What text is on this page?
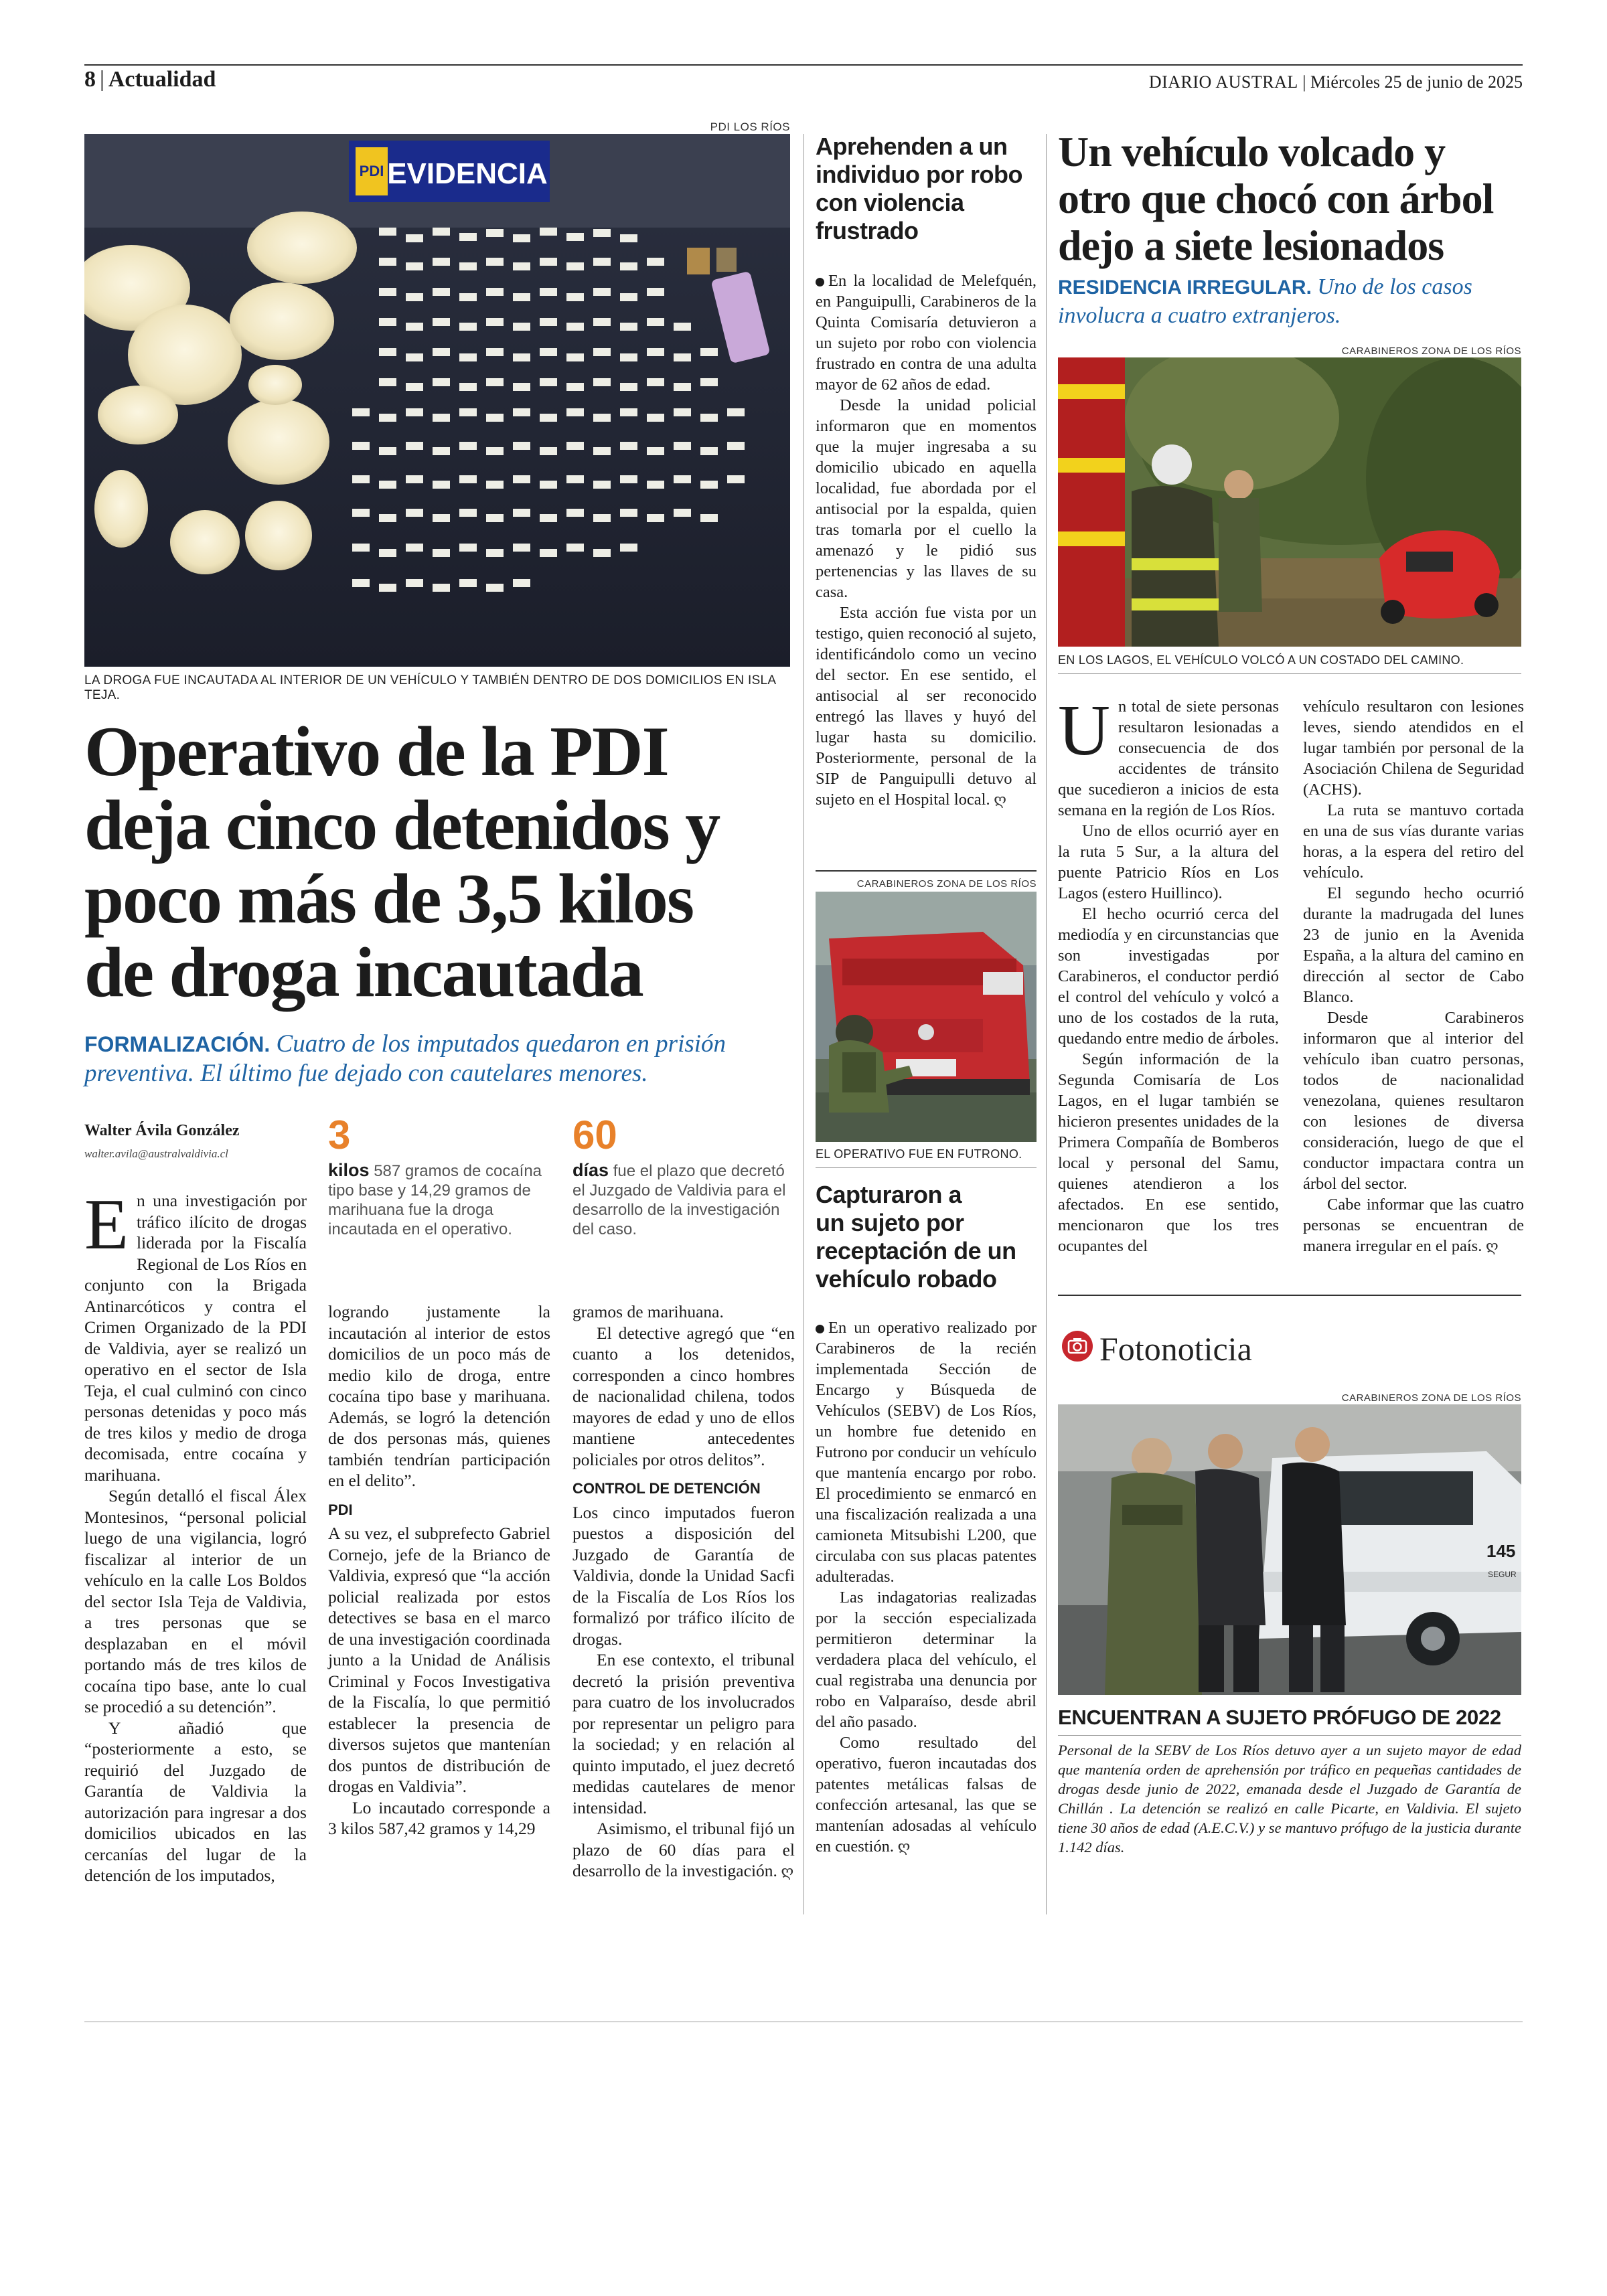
8 | Actualidad	DIARIO AUSTRAL | Miércoles 25 de junio de 2025
PDI LOS RÍOS
PDI EVIDENCIA
LA DROGA FUE INCAUTADA AL INTERIOR DE UN VEHÍCULO Y TAMBIÉN DENTRO DE DOS DOMICILIOS EN ISLA TEJA.
Operativo de la PDI
deja cinco detenidos y
poco más de 3,5 kilos
de droga incautada
FORMALIZACIÓN. Cuatro de los imputados quedaron en prisión
preventiva. El último fue dejado con cautelares menores.
Walter Ávila González
walter.avila@australvaldivia.cl 3
kilos 587 gramos de cocaína tipo base y 14,29 gramos de marihuana fue la droga incautada en el operativo.
60
días fue el plazo que decretó el Juzgado de Valdivia para el desarrollo de la investigación del caso.

En una investigación por tráfico ilícito de drogas liderada por la Fiscalía Regional de Los Ríos en conjunto con la Brigada Antinarcóticos y contra el Crimen Organizado de la PDI de Valdivia, ayer se realizó un operativo en el sector de Isla Teja, el cual culminó con cinco personas detenidas y poco más de tres kilos y medio de droga decomisada, entre cocaína y marihuana.

Según detalló el fiscal Álex Montesinos, “personal policial luego de una vigilancia, logró fiscalizar al interior de un vehículo en la calle Los Boldos del sector Isla Teja de Valdivia, a tres personas que se desplazaban en el móvil portando más de tres kilos de cocaína tipo base, ante lo cual se procedió a su detención”.

Y añadió que “posteriormente a esto, se requirió del Juzgado de Garantía de Valdivia la autorización para ingresar a dos domicilios ubicados en las cercanías del lugar de la detención de los imputados,

logrando justamente la incautación al interior de estos domicilios de un poco más de medio kilo de droga, entre cocaína tipo base y marihuana. Además, se logró la detención de dos personas más, quienes también tendrían participación en el delito”.

PDI

A su vez, el subprefecto Gabriel Cornejo, jefe de la Brianco de Valdivia, expresó que “la acción policial realizada por estos detectives se basa en el marco de una investigación coordinada junto a la Unidad de Análisis Criminal y Focos Investigativa de la Fiscalía, lo que permitió establecer la presencia de diversos sujetos que mantenían dos puntos de distribución de drogas en Valdivia”.

Lo incautado corresponde a 3 kilos 587,42 gramos y 14,29

gramos de marihuana.

El detective agregó que “en cuanto a los detenidos, corresponden a cinco hombres de nacionalidad chilena, todos mayores de edad y uno de ellos mantiene antecedentes policiales por otros delitos”.

CONTROL DE DETENCIÓN

Los cinco imputados fueron puestos a disposición del Juzgado de Garantía de Valdivia, donde la Unidad Sacfi de la Fiscalía de Los Ríos los formalizó por tráfico ilícito de drogas.

En ese contexto, el tribunal decretó la prisión preventiva para cuatro de los involucrados por representar un peligro para la sociedad; y en relación al quinto imputado, el juez decretó medidas cautelares de menor intensidad.

Asimismo, el tribunal fijó un plazo de 60 días para el desarrollo de la investigación. ღ

Aprehenden a un
individuo por robo
con violencia
frustrado

En la localidad de Melefquén, en Panguipulli, Carabineros de la Quinta Comisaría detuvieron a un sujeto por robo con violencia frustrado en contra de una adulta mayor de 62 años de edad.

Desde la unidad policial informaron que en momentos que la mujer ingresaba a su domicilio ubicado en aquella localidad, fue abordada por el antisocial por la espalda, quien tras tomarla por el cuello la amenazó y le pidió sus pertenencias y las llaves de su casa.

Esta acción fue vista por un testigo, quien reconoció al sujeto, identificándolo como un vecino del sector. En ese sentido, el antisocial al ser reconocido entregó las llaves y huyó del lugar hasta su domicilio. Posteriormente, personal de la SIP de Panguipulli detuvo al sujeto en el Hospital local. ღ

CARABINEROS ZONA DE LOS RÍOS
EL OPERATIVO FUE EN FUTRONO.
Capturaron a
un sujeto por
receptación de un
vehículo robado

En un operativo realizado por Carabineros de la recién implementada Sección de Encargo y Búsqueda de Vehículos (SEBV) de Los Ríos, un hombre fue detenido en Futrono por conducir un vehículo que mantenía encargo por robo. El procedimiento se enmarcó en una fiscalización realizada a una camioneta Mitsubishi L200, que circulaba con sus placas patentes adulteradas.

Las indagatorias realizadas por la sección especializada permitieron determinar la verdadera placa del vehículo, el cual registraba una denuncia por robo en Valparaíso, desde abril del año pasado.

Como resultado del operativo, fueron incautadas dos patentes metálicas falsas de confección artesanal, las que se mantenían adosadas al vehículo en cuestión. ღ

Un vehículo volcado y
otro que chocó con árbol
dejo a siete lesionados
RESIDENCIA IRREGULAR. Uno de los casos
involucra a cuatro extranjeros.
CARABINEROS ZONA DE LOS RÍOS
EN LOS LAGOS, EL VEHÍCULO VOLCÓ A UN COSTADO DEL CAMINO.

Un total de siete personas resultaron lesionadas a consecuencia de dos accidentes de tránsito que sucedieron a inicios de esta semana en la región de Los Ríos.

Uno de ellos ocurrió ayer en la ruta 5 Sur, a la altura del puente Patricio Ríos en Los Lagos (estero Huillinco).

El hecho ocurrió cerca del mediodía y en circunstancias que son investigadas por Carabineros, el conductor perdió el control del vehículo y volcó a uno de los costados de la ruta, quedando entre medio de árboles.

Según información de la Segunda Comisaría de Los Lagos, en el lugar también se hicieron presentes unidades de la Primera Compañía de Bomberos local y personal del Samu, quienes atendieron a los afectados. En ese sentido, mencionaron que los tres ocupantes del

vehículo resultaron con lesiones leves, siendo atendidos en el lugar también por personal de la Asociación Chilena de Seguridad (ACHS).

La ruta se mantuvo cortada en una de sus vías durante varias horas, a la espera del retiro del vehículo.

El segundo hecho ocurrió durante la madrugada del lunes 23 de junio en la Avenida España, a la altura del camino en dirección al sector de Cabo Blanco.

Desde Carabineros informaron que al interior del vehículo iban cuatro personas, todos de nacionalidad venezolana, quienes resultaron con lesiones de diversa consideración, luego de que el conductor impactara contra un árbol del sector.

Cabe informar que las cuatro personas se encuentran de manera irregular en el país. ღ

Fotonoticia
CARABINEROS ZONA DE LOS RÍOS
145
SEGUR
ENCUENTRAN A SUJETO PRÓFUGO DE 2022
Personal de la SEBV de Los Ríos detuvo ayer a un sujeto mayor de edad que mantenía orden de aprehensión por tráfico en pequeñas cantidades de drogas desde junio de 2022, emanada desde el Juzgado de Garantía de Chillán . La detención se realizó en calle Picarte, en Valdivia. El sujeto tiene 30 años de edad (A.E.C.V.) y se mantuvo prófugo de la justicia durante 1.142 días.
